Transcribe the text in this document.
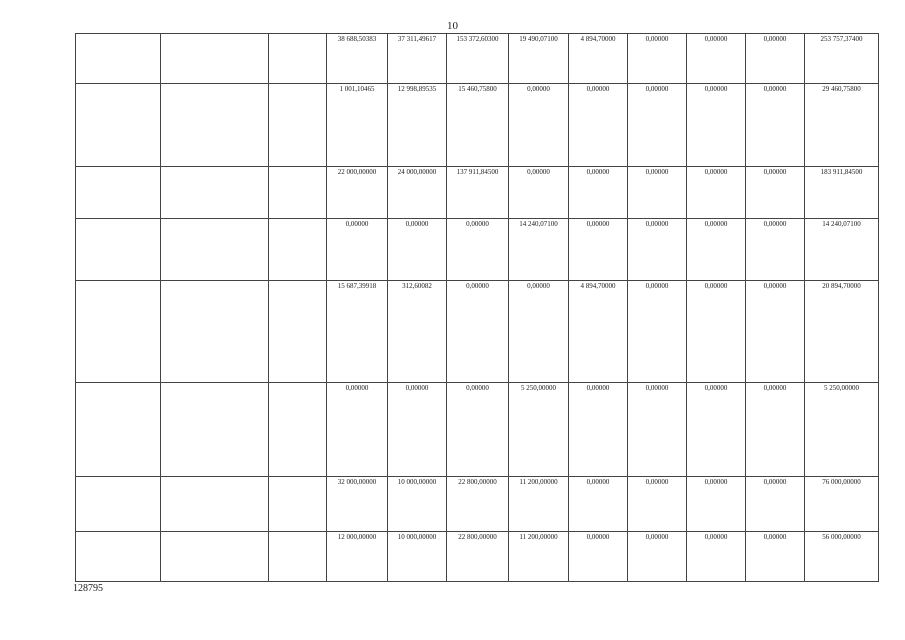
10
			38 688,50383	37 311,49617	153 372,60300	19 490,07100	4 894,70000	0,00000	0,00000	0,00000	253 757,37400
			1 001,10465	12 998,89535	15 460,75800	0,00000	0,00000	0,00000	0,00000	0,00000	29 460,75800
			22 000,00000	24 000,00000	137 911,84500	0,00000	0,00000	0,00000	0,00000	0,00000	183 911,84500
			0,00000	0,00000	0,00000	14 240,07100	0,00000	0,00000	0,00000	0,00000	14 240,07100
			15 687,39918	312,60082	0,00000	0,00000	4 894,70000	0,00000	0,00000	0,00000	20 894,70000
			0,00000	0,00000	0,00000	5 250,00000	0,00000	0,00000	0,00000	0,00000	5 250,00000
			32 000,00000	10 000,00000	22 800,00000	11 200,00000	0,00000	0,00000	0,00000	0,00000	76 000,00000
			12 000,00000	10 000,00000	22 800,00000	11 200,00000	0,00000	0,00000	0,00000	0,00000	56 000,00000
128795
